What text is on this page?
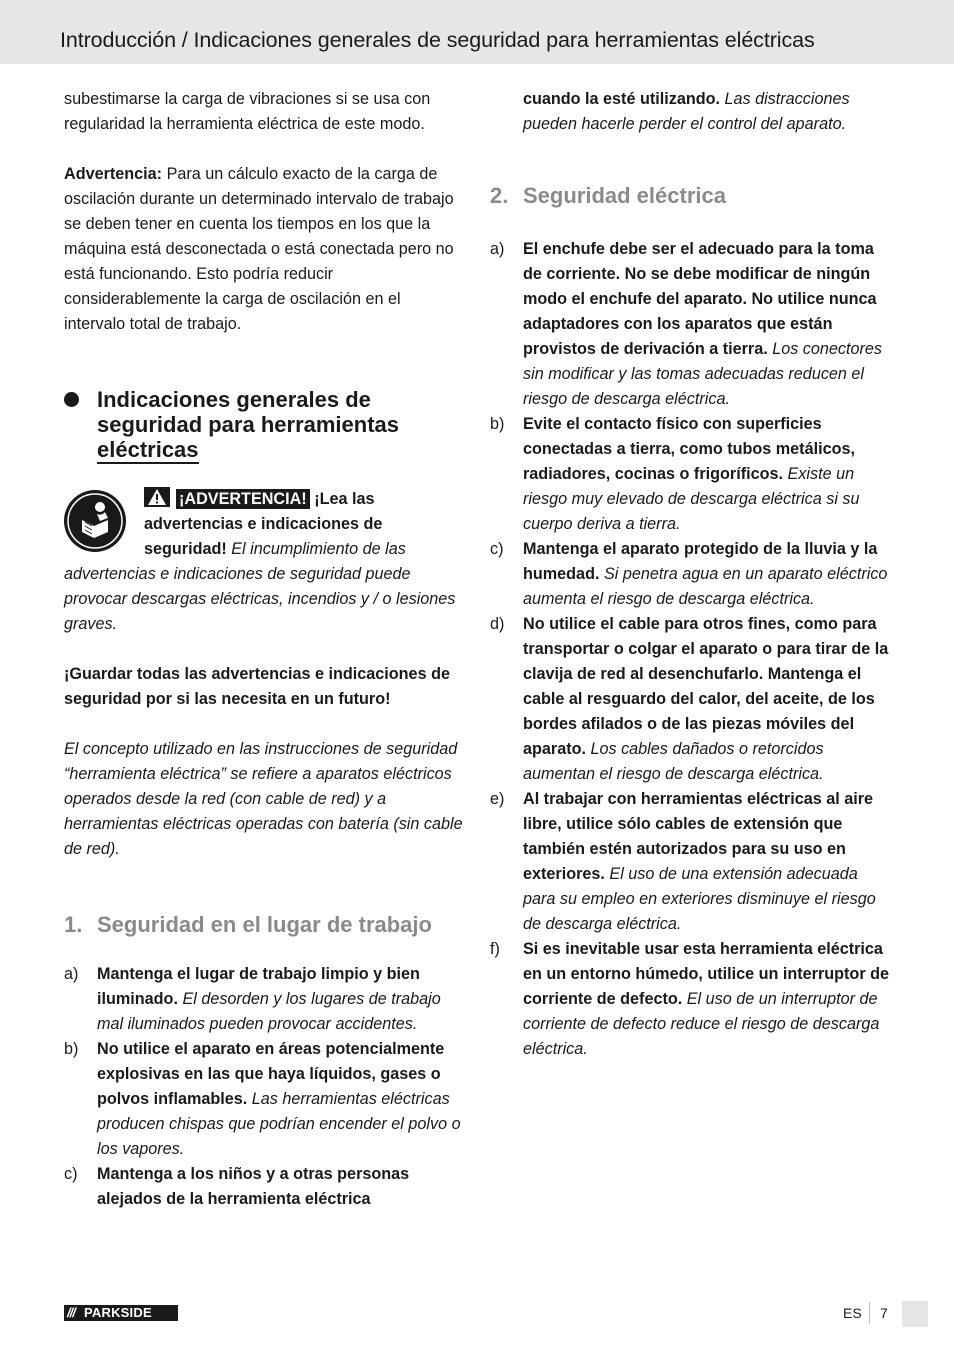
Introducción / Indicaciones generales de seguridad para herramientas eléctricas

subestimarse la carga de vibraciones si se usa con regularidad la herramienta eléctrica de este modo.

Advertencia: Para un cálculo exacto de la carga de oscilación durante un determinado intervalo de trabajo se deben tener en cuenta los tiempos en los que la máquina está desconectada o está conectada pero no está funcionando. Esto podría reducir considerablemente la carga de oscilación en el intervalo total de trabajo.

Indicaciones generales de seguridad para herramientas eléctricas

¡ADVERTENCIA! ¡Lea las advertencias e indicaciones de seguridad! El incumplimiento de las advertencias e indicaciones de seguridad puede provocar descargas eléctricas, incendios y / o lesiones graves.

¡Guardar todas las advertencias e indicaciones de seguridad por si las necesita en un futuro!

El concepto utilizado en las instrucciones de seguridad “herramienta eléctrica” se refiere a aparatos eléctricos operados desde la red (con cable de red) y a herramientas eléctricas operadas con batería (sin cable de red).

1. Seguridad en el lugar de trabajo
a) Mantenga el lugar de trabajo limpio y bien iluminado. El desorden y los lugares de trabajo mal iluminados pueden provocar accidentes.
b) No utilice el aparato en áreas potencialmente explosivas en las que haya líquidos, gases o polvos inflamables. Las herramientas eléctricas producen chispas que podrían encender el polvo o los vapores.
c) Mantenga a los niños y a otras personas alejados de la herramienta eléctrica

cuando la esté utilizando. Las distracciones pueden hacerle perder el control del aparato.

2. Seguridad eléctrica
a) El enchufe debe ser el adecuado para la toma de corriente. No se debe modificar de ningún modo el enchufe del aparato. No utilice nunca adaptadores con los aparatos que están provistos de derivación a tierra. Los conectores sin modificar y las tomas adecuadas reducen el riesgo de descarga eléctrica.
b) Evite el contacto físico con superficies conectadas a tierra, como tubos metálicos, radiadores, cocinas o frigoríficos. Existe un riesgo muy elevado de descarga eléctrica si su cuerpo deriva a tierra.
c) Mantenga el aparato protegido de la lluvia y la humedad. Si penetra agua en un aparato eléctrico aumenta el riesgo de descarga eléctrica.
d) No utilice el cable para otros fines, como para transportar o colgar el aparato o para tirar de la clavija de red al desenchufarlo. Mantenga el cable al resguardo del calor, del aceite, de los bordes afilados o de las piezas móviles del aparato. Los cables dañados o retorcidos aumentan el riesgo de descarga eléctrica.
e) Al trabajar con herramientas eléctricas al aire libre, utilice sólo cables de extensión que también estén autorizados para su uso en exteriores. El uso de una extensión adecuada para su empleo en exteriores disminuye el riesgo de descarga eléctrica.
f) Si es inevitable usar esta herramienta eléctrica en un entorno húmedo, utilice un interruptor de corriente de defecto. El uso de un interruptor de corriente de defecto reduce el riesgo de descarga eléctrica.
/// PARKSIDE	ES 7
